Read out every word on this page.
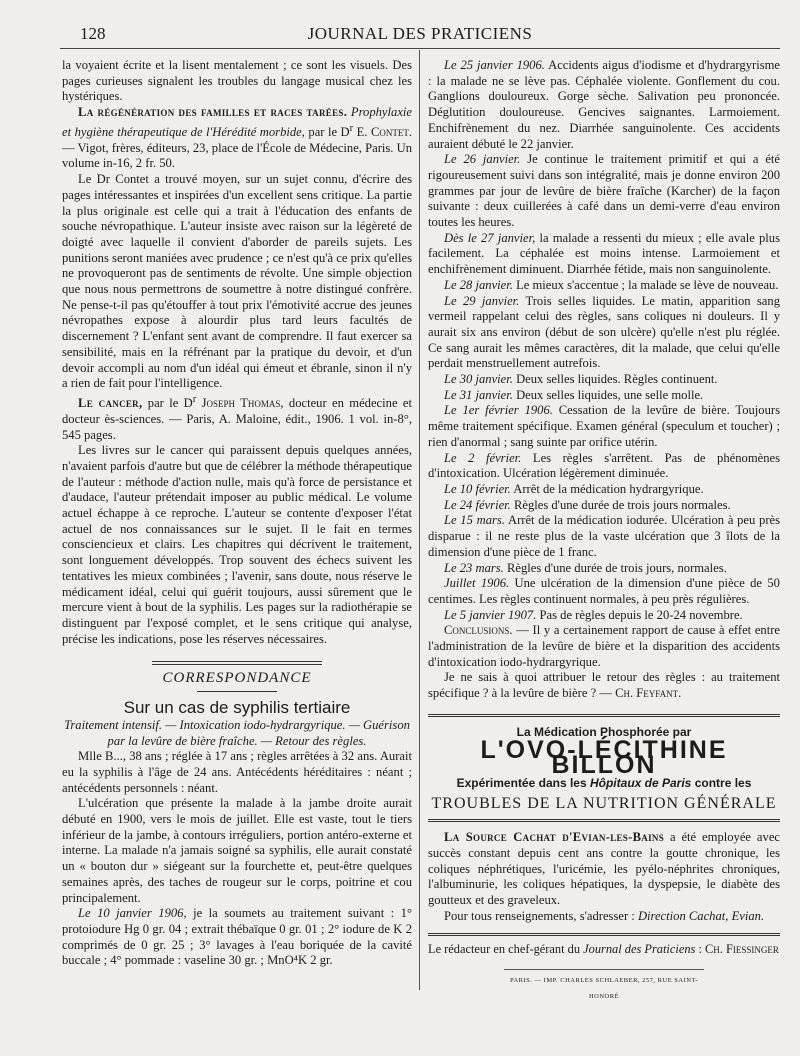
128	JOURNAL DES PRATICIENS

la voyaient écrite et la lisent mentalement ; ce sont les visuels. Des pages curieuses signalent les troubles du langage musical chez les hystériques.

La régénération des familles et races tarées. Prophylaxie et hygiène thérapeutique de l'Hérédité morbide, par le $D^r$ E. Contet. — Vigot, frères, éditeurs, 23, place de l'École de Médecine, Paris. Un volume in-16, 2 fr. 50.

Le Dr Contet a trouvé moyen, sur un sujet connu, d'écrire des pages intéressantes et inspirées d'un excellent sens critique. La partie la plus originale est celle qui a trait à l'éducation des enfants de souche névropathique. L'auteur insiste avec raison sur la légèreté de doigté avec laquelle il convient d'aborder de pareils sujets. Les punitions seront maniées avec prudence ; ce n'est qu'à ce prix qu'elles ne provoqueront pas de sentiments de révolte. Une simple objection que nous nous permettrons de soumettre à notre distingué confrère. Ne pense-t-il pas qu'étouffer à tout prix l'émotivité accrue des jeunes névropathes expose à alourdir plus tard leurs facultés de discernement ? L'enfant sent avant de comprendre. Il faut exercer sa sensibilité, mais en la réfrénant par la pratique du devoir, et d'un devoir accompli au nom d'un idéal qui émeut et ébranle, sinon il n'y a rien de fait pour l'intelligence.

Le cancer, par le $D^r$ Joseph Thomas, docteur en médecine et docteur ès-sciences. — Paris, A. Maloine, édit., 1906. 1 vol. in-8°, 545 pages.

Les livres sur le cancer qui paraissent depuis quelques années, n'avaient parfois d'autre but que de célébrer la méthode thérapeutique de l'auteur : méthode d'action nulle, mais qu'à force de persistance et d'audace, l'auteur prétendait imposer au public médical. Le volume actuel échappe à ce reproche. L'auteur se contente d'exposer l'état actuel de nos connaissances sur le sujet. Il le fait en termes consciencieux et clairs. Les chapitres qui décrivent le traitement, sont longuement développés. Trop souvent des échecs suivent les tentatives les mieux combinées ; l'avenir, sans doute, nous réserve le médicament idéal, celui qui guérit toujours, aussi sûrement que le mercure vient à bout de la syphilis. Les pages sur la radiothérapie se distinguent par l'exposé complet, et le sens critique qui analyse, précise les indications, pose les réserves nécessaires.

CORRESPONDANCE

Sur un cas de syphilis tertiaire

Traitement intensif. — Intoxication iodo-hydrargyrique. — Guérison par la levûre de bière fraîche. — Retour des règles.

Mlle B..., 38 ans ; réglée à 17 ans ; règles arrêtées à 32 ans. Aurait eu la syphilis à l'âge de 24 ans. Antécédents héréditaires : néant ; antécédents personnels : néant.

L'ulcération que présente la malade à la jambe droite aurait débuté en 1900, vers le mois de juillet. Elle est vaste, tout le tiers inférieur de la jambe, à contours irréguliers, portion antéro-externe et interne. La malade n'a jamais soigné sa syphilis, elle aurait constaté un « bouton dur » siégeant sur la fourchette et, peut-être quelques semaines après, des taches de rougeur sur le corps, poitrine et cou principalement.

Le 10 janvier 1906, je la soumets au traitement suivant : 1° protoiodure Hg 0 gr. 04 ; extrait thébaïque 0 gr. 01 ; 2° iodure de K 2 comprimés de 0 gr. 25 ; 3° lavages à l'eau boriquée de la cavité buccale ; 4° pommade : vaseline 30 gr. ; MnO⁴K 2 gr.

Le 25 janvier 1906. Accidents aigus d'iodisme et d'hydrargyrisme : la malade ne se lève pas. Céphalée violente. Gonflement du cou. Ganglions douloureux. Gorge sèche. Salivation peu prononcée. Déglutition douloureuse. Gencives saignantes. Larmoiement. Enchifrènement du nez. Diarrhée sanguinolente. Ces accidents auraient débuté le 22 janvier.

Le 26 janvier. Je continue le traitement primitif et qui a été rigoureusement suivi dans son intégralité, mais je donne environ 200 grammes par jour de levûre de bière fraîche (Karcher) de la façon suivante : deux cuillerées à café dans un demi-verre d'eau environ toutes les heures.

Dès le 27 janvier, la malade a ressenti du mieux ; elle avale plus facilement. La céphalée est moins intense. Larmoiement et enchifrènement diminuent. Diarrhée fétide, mais non sanguinolente.

Le 28 janvier. Le mieux s'accentue ; la malade se lève de nouveau.

Le 29 janvier. Trois selles liquides. Le matin, apparition sang vermeil rappelant celui des règles, sans coliques ni douleurs. Il y aurait six ans environ (début de son ulcère) qu'elle n'est plu réglée. Ce sang aurait les mêmes caractères, dit la malade, que celui qu'elle perdait menstruellement autrefois.

Le 30 janvier. Deux selles liquides. Règles continuent.

Le 31 janvier. Deux selles liquides, une selle molle.

Le 1er février 1906. Cessation de la levûre de bière. Toujours même traitement spécifique. Examen général (speculum et toucher) ; rien d'anormal ; sang suinte par orifice utérin.

Le 2 février. Les règles s'arrêtent. Pas de phénomènes d'intoxication. Ulcération légèrement diminuée.

Le 10 février. Arrêt de la médication hydrargyrique.

Le 24 février. Règles d'une durée de trois jours normales.

Le 15 mars. Arrêt de la médication iodurée. Ulcération à peu près disparue : il ne reste plus de la vaste ulcération que 3 îlots de la dimension d'une pièce de 1 franc.

Le 23 mars. Règles d'une durée de trois jours, normales.

Juillet 1906. Une ulcération de la dimension d'une pièce de 50 centimes. Les règles continuent normales, à peu près régulières.

Le 5 janvier 1907. Pas de règles depuis le 20-24 novembre.

Conclusions. — Il y a certainement rapport de cause à effet entre l'administration de la levûre de bière et la disparition des accidents d'intoxication iodo-hydrargyrique.

Je ne sais à quoi attribuer le retour des règles : au traitement spécifique ? à la levûre de bière ? — Ch. Feyfant.

La Médication Phosphorée par
L'OVO-LÉCITHINE BILLON
Expérimentée dans les Hôpitaux de Paris contre les
TROUBLES DE LA NUTRITION GÉNÉRALE

La Source Cachat d'Evian-les-Bains a été employée avec succès constant depuis cent ans contre la goutte chronique, les coliques néphrétiques, l'uricémie, les pyélo-néphrites chroniques, l'albuminurie, les coliques hépatiques, la dyspepsie, le diabète des goutteux et des graveleux.

Pour tous renseignements, s'adresser : Direction Cachat, Evian.

Le rédacteur en chef-gérant du Journal des Praticiens : Ch. Fiessinger

PARIS. — IMP. CHARLES SCHLAEBER, 257, RUE SAINT-HONORÉ
